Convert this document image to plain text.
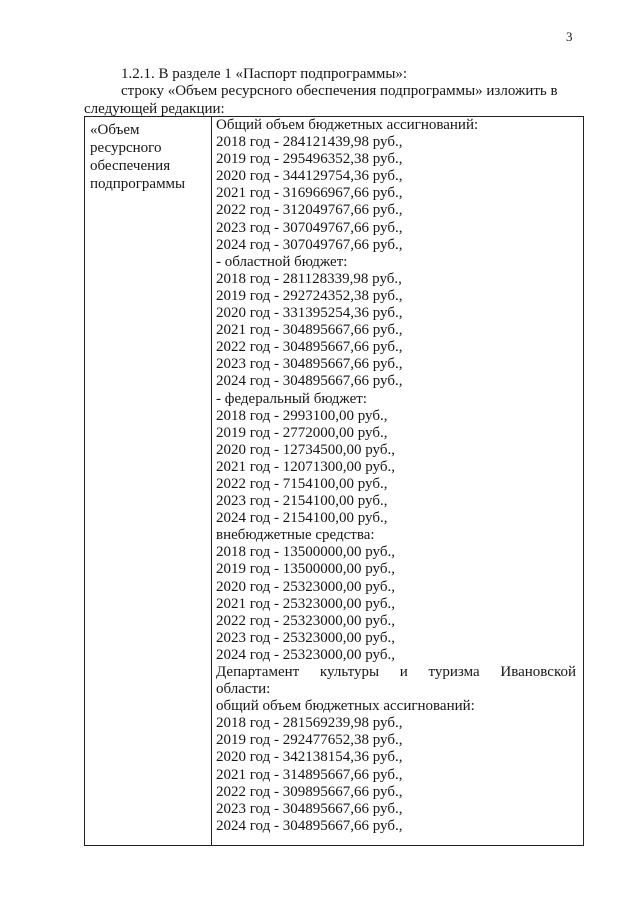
3
1.2.1. В разделе 1 «Паспорт подпрограммы»:
строку «Объем ресурсного обеспечения подпрограммы» изложить в
следующей редакции:
«Объем ресурсного обеспечения подпрограммы
Общий объем бюджетных ассигнований:
2018 год - 284121439,98 руб.,
2019 год - 295496352,38 руб.,
2020 год - 344129754,36 руб.,
2021 год - 316966967,66 руб.,
2022 год - 312049767,66 руб.,
2023 год - 307049767,66 руб.,
2024 год - 307049767,66 руб.,
- областной бюджет:
2018 год - 281128339,98 руб.,
2019 год - 292724352,38 руб.,
2020 год - 331395254,36 руб.,
2021 год - 304895667,66 руб.,
2022 год - 304895667,66 руб.,
2023 год - 304895667,66 руб.,
2024 год - 304895667,66 руб.,
- федеральный бюджет:
2018 год - 2993100,00 руб.,
2019 год - 2772000,00 руб.,
2020 год - 12734500,00 руб.,
2021 год - 12071300,00 руб.,
2022 год - 7154100,00 руб.,
2023 год - 2154100,00 руб.,
2024 год - 2154100,00 руб.,
внебюджетные средства:
2018 год - 13500000,00 руб.,
2019 год - 13500000,00 руб.,
2020 год - 25323000,00 руб.,
2021 год - 25323000,00 руб.,
2022 год - 25323000,00 руб.,
2023 год - 25323000,00 руб.,
2024 год - 25323000,00 руб.,
Департамент культуры и туризма Ивановской
области:
общий объем бюджетных ассигнований:
2018 год - 281569239,98 руб.,
2019 год - 292477652,38 руб.,
2020 год - 342138154,36 руб.,
2021 год - 314895667,66 руб.,
2022 год - 309895667,66 руб.,
2023 год - 304895667,66 руб.,
2024 год - 304895667,66 руб.,
